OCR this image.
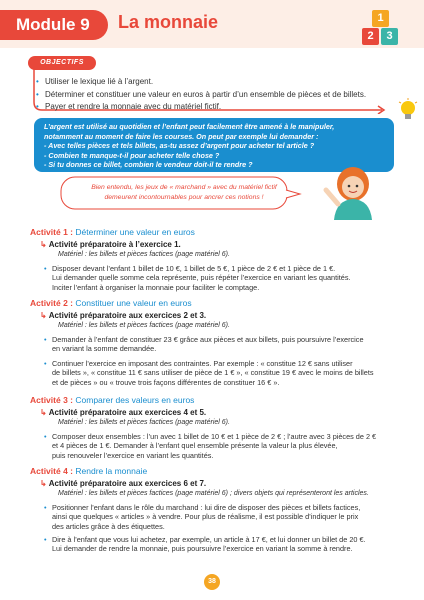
Module 9	La monnaie	1
2	3
OBJECTIFS
• Utiliser le lexique lié à l’argent.
• Déterminer et constituer une valeur en euros à partir d’un ensemble de pièces et de billets.
• Payer et rendre la monnaie avec du matériel fictif.

L’argent est utilisé au quotidien et l’enfant peut facilement être amené à le manipuler,

notamment au moment de faire les courses. On peut par exemple lui demander :

- Avec telles pièces et tels billets, as-tu assez d’argent pour acheter tel article ?

- Combien te manque-t-il pour acheter telle chose ?

- Si tu donnes ce billet, combien le vendeur doit-il te rendre ?

Bien entendu, les jeux de « marchand » avec du matériel fictif
demeurent incontournables pour ancrer ces notions !
Activité 1 : Déterminer une valeur en euros
↳ Activité préparatoire à l’exercice 1.
Matériel : les billets et pièces factices (page matériel 6).
• Disposer devant l’enfant 1 billet de 10 €, 1 billet de 5 €, 1 pièce de 2 € et 1 pièce de 1 €.
Lui demander quelle somme cela représente, puis répéter l’exercice en variant les quantités.
Inciter l’enfant à organiser la monnaie pour faciliter le comptage.
Activité 2 : Constituer une valeur en euros
↳ Activité préparatoire aux exercices 2 et 3.
Matériel : les billets et pièces factices (page matériel 6).
• Demander à l’enfant de constituer 23 € grâce aux pièces et aux billets, puis poursuivre l’exercice
en variant la somme demandée.
• Continuer l’exercice en imposant des contraintes. Par exemple : « constitue 12 € sans utiliser
de billets », « constitue 11 € sans utiliser de pièce de 1 € », « constitue 19 € avec le moins de billets
et de pièces » ou « trouve trois façons différentes de constituer 16 € ».
Activité 3 : Comparer des valeurs en euros
↳ Activité préparatoire aux exercices 4 et 5.
Matériel : les billets et pièces factices (page matériel 6).
• Composer deux ensembles : l’un avec 1 billet de 10 € et 1 pièce de 2 € ; l’autre avec 3 pièces de 2 €
et 4 pièces de 1 €. Demander à l’enfant quel ensemble présente la valeur la plus élevée,
puis renouveler l’exercice en variant les quantités.
Activité 4 : Rendre la monnaie
↳ Activité préparatoire aux exercices 6 et 7.
Matériel : les billets et pièces factices (page matériel 6) ; divers objets qui représenteront les articles.
• Positionner l’enfant dans le rôle du marchand : lui dire de disposer des pièces et billets factices,
ainsi que quelques « articles » à vendre. Pour plus de réalisme, il est possible d’indiquer le prix
des articles grâce à des étiquettes.
• Dire à l’enfant que vous lui achetez, par exemple, un article à 17 €, et lui donner un billet de 20 €.
Lui demander de rendre la monnaie, puis poursuivre l’exercice en variant la somme à rendre.
38
